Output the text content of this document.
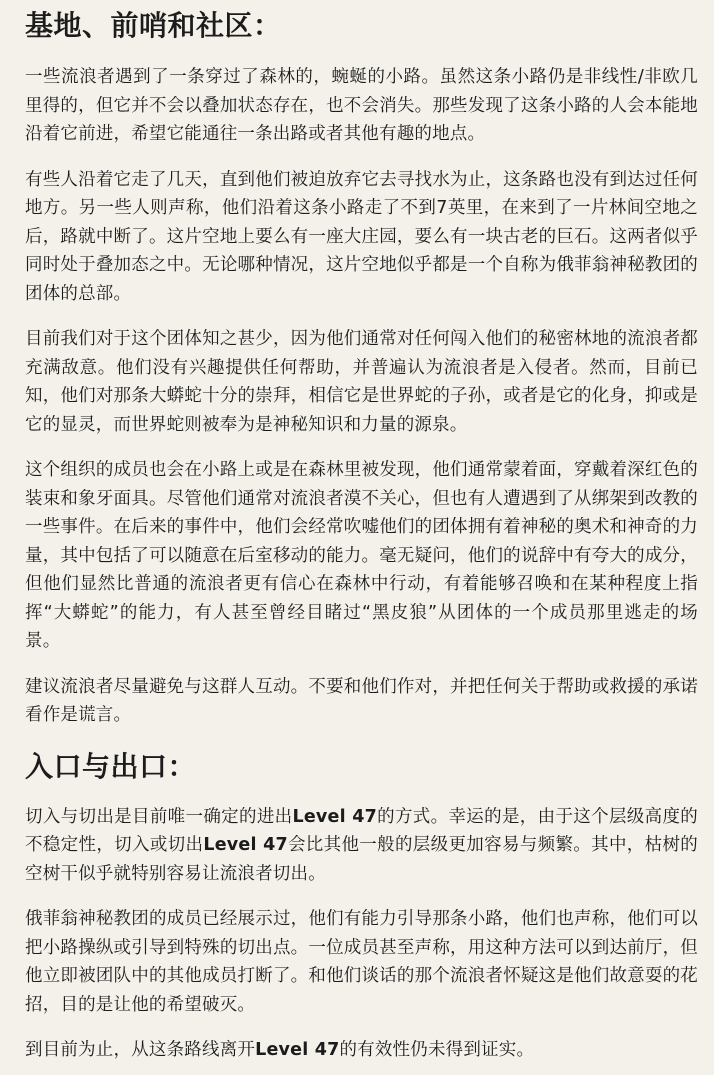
基地、前哨和社区：

一些流浪者遇到了一条穿过了森林的，蜿蜒的小路。虽然这条小路仍是非线性/非欧几里得的，但它并不会以叠加状态存在，也不会消失。那些发现了这条小路的人会本能地沿着它前进，希望它能通往一条出路或者其他有趣的地点。

有些人沿着它走了几天，直到他们被迫放弃它去寻找水为止，这条路也没有到达过任何地方。另一些人则声称，他们沿着这条小路走了不到7英里，在来到了一片林间空地之后，路就中断了。这片空地上要么有一座大庄园，要么有一块古老的巨石。这两者似乎同时处于叠加态之中。无论哪种情况，这片空地似乎都是一个自称为俄菲翁神秘教团的团体的总部。

目前我们对于这个团体知之甚少，因为他们通常对任何闯入他们的秘密林地的流浪者都充满敌意。他们没有兴趣提供任何帮助，并普遍认为流浪者是入侵者。然而，目前已知，他们对那条大蟒蛇十分的崇拜，相信它是世界蛇的子孙，或者是它的化身，抑或是它的显灵，而世界蛇则被奉为是神秘知识和力量的源泉。

这个组织的成员也会在小路上或是在森林里被发现，他们通常蒙着面，穿戴着深红色的装束和象牙面具。尽管他们通常对流浪者漠不关心，但也有人遭遇到了从绑架到改教的一些事件。在后来的事件中，他们会经常吹嘘他们的团体拥有着神秘的奥术和神奇的力量，其中包括了可以随意在后室移动的能力。毫无疑问，他们的说辞中有夸大的成分，但他们显然比普通的流浪者更有信心在森林中行动，有着能够召唤和在某种程度上指挥“大蟒蛇”的能力，有人甚至曾经目睹过“黑皮狼”从团体的一个成员那里逃走的场景。

建议流浪者尽量避免与这群人互动。不要和他们作对，并把任何关于帮助或救援的承诺看作是谎言。

入口与出口：

切入与切出是目前唯一确定的进出Level 47的方式。幸运的是，由于这个层级高度的不稳定性，切入或切出Level 47会比其他一般的层级更加容易与频繁。其中，枯树的空树干似乎就特别容易让流浪者切出。

俄菲翁神秘教团的成员已经展示过，他们有能力引导那条小路，他们也声称，他们可以把小路操纵或引导到特殊的切出点。一位成员甚至声称，用这种方法可以到达前厅，但他立即被团队中的其他成员打断了。和他们谈话的那个流浪者怀疑这是他们故意耍的花招，目的是让他的希望破灭。

到目前为止，从这条路线离开Level 47的有效性仍未得到证实。
